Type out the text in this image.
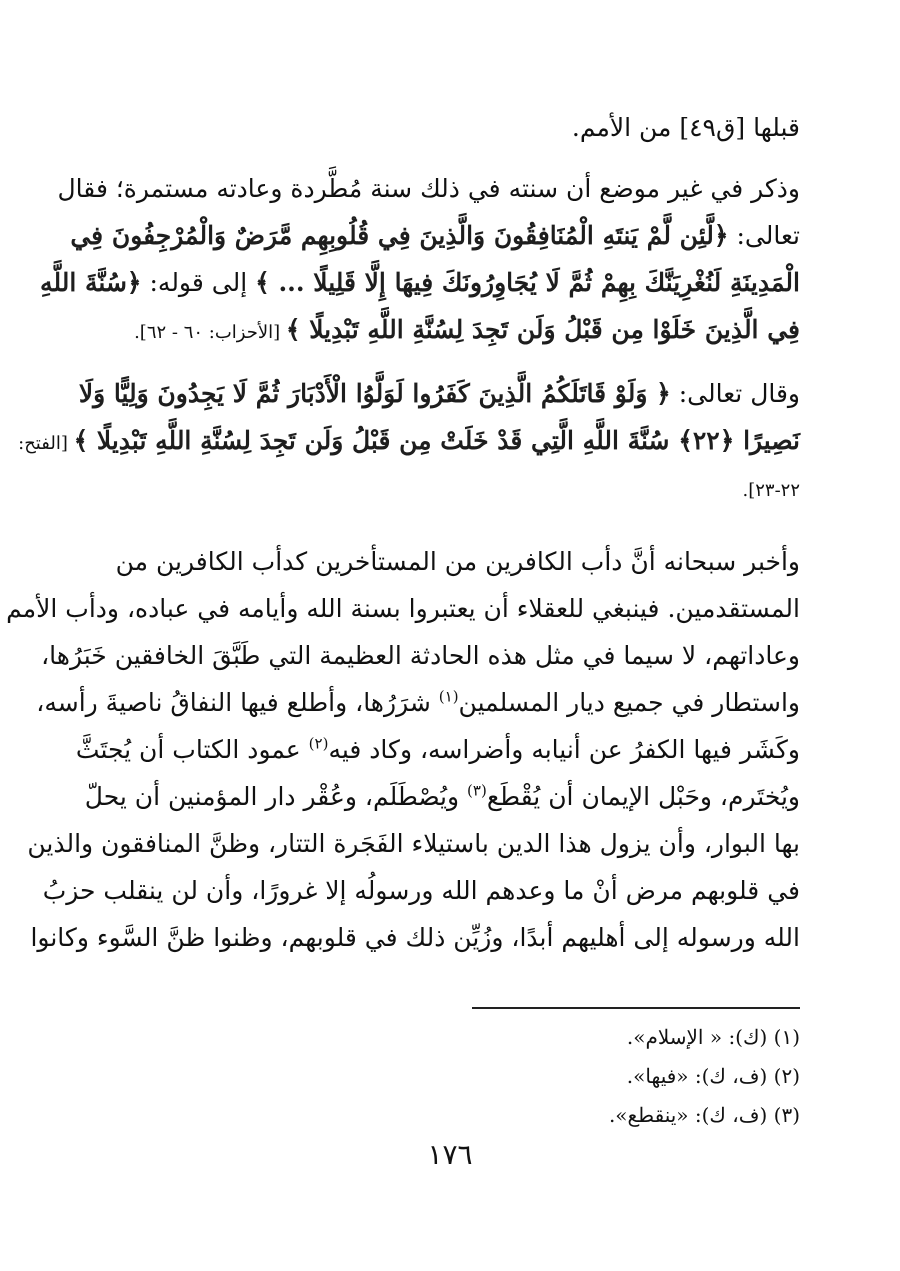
قبلها [ق٤٩] من الأمم.
وذكر في غير موضع أن سنته في ذلك سنة مُطَّردة وعادته مستمرة؛ فقال
تعالى: ﴿لَّئِن لَّمْ يَنتَهِ الْمُنَافِقُونَ وَالَّذِينَ فِي قُلُوبِهِم مَّرَضٌ وَالْمُرْجِفُونَ فِي
الْمَدِينَةِ لَنُغْرِيَنَّكَ بِهِمْ ثُمَّ لَا يُجَاوِرُونَكَ فِيهَا إِلَّا قَلِيلًا ... ﴾ إلى قوله: ﴿سُنَّةَ اللَّهِ
فِي الَّذِينَ خَلَوْا مِن قَبْلُ وَلَن تَجِدَ لِسُنَّةِ اللَّهِ تَبْدِيلًا ﴾ [الأحزاب: ٦٠ - ٦٢].
وقال تعالى: ﴿ وَلَوْ قَاتَلَكُمُ الَّذِينَ كَفَرُوا لَوَلَّوُا الْأَدْبَارَ ثُمَّ لَا يَجِدُونَ وَلِيًّا وَلَا
نَصِيرًا ﴿٢٢﴾ سُنَّةَ اللَّهِ الَّتِي قَدْ خَلَتْ مِن قَبْلُ وَلَن تَجِدَ لِسُنَّةِ اللَّهِ تَبْدِيلًا ﴾ [الفتح:
٢٢-٢٣].
وأخبر سبحانه أنَّ دأب الكافرين من المستأخرين كدأب الكافرين من
المستقدمين. فينبغي للعقلاء أن يعتبروا بسنة الله وأيامه في عباده، ودأب الأمم
وعاداتهم، لا سيما في مثل هذه الحادثة العظيمة التي طَبَّقَ الخافقين خَبَرُها،
واستطار في جميع ديار المسلمين$^{(١)}$ شرَرُها، وأطلع فيها النفاقُ ناصيةَ رأسه،
وكَشَر فيها الكفرُ عن أنيابه وأضراسه، وكاد فيه$^{(٢)}$ عمود الكتاب أن يُجتَثَّ
ويُختَرم، وحَبْل الإيمان أن يُقْطَع$^{(٣)}$ ويُصْطَلَم، وعُقْر دار المؤمنين أن يحلّ
بها البوار، وأن يزول هذا الدين باستيلاء الفَجَرة التتار، وظنَّ المنافقون والذين
في قلوبهم مرض أنْ ما وعدهم الله ورسولُه إلا غرورًا، وأن لن ينقلب حزبُ
الله ورسوله إلى أهليهم أبدًا، وزُيِّن ذلك في قلوبهم، وظنوا ظنَّ السَّوء وكانوا
(١) (ك): « الإسلام».
(٢) (ف، ك): «فيها».
(٣) (ف، ك): «ينقطع».
١٧٦
